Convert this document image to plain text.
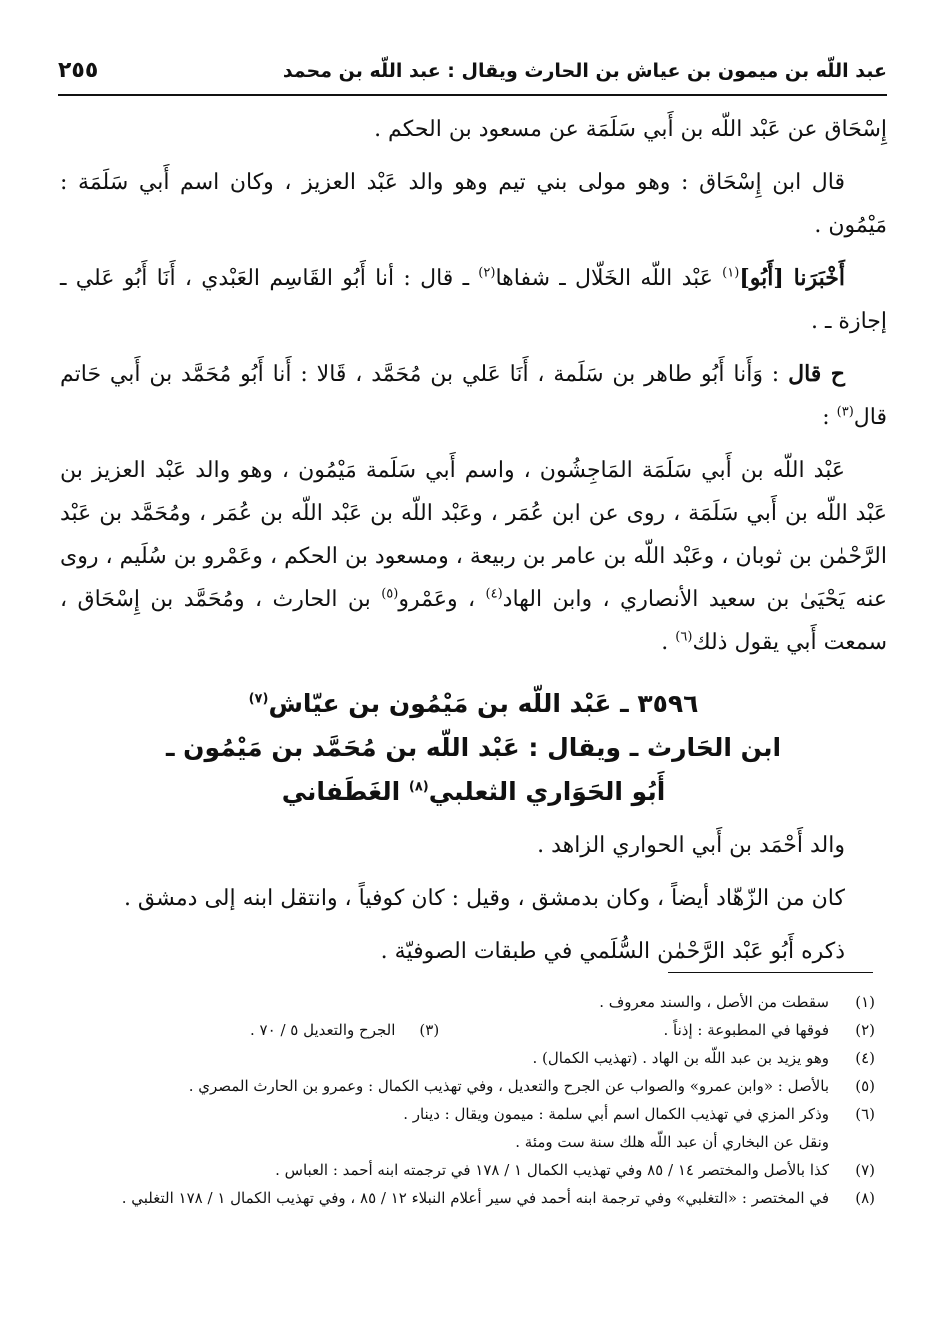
عبد اللّه بن ميمون بن عياش بن الحارث ويقال : عبد اللّه بن محمد
٢٥٥

إِسْحَاق عن عَبْد اللّه بن أَبي سَلَمَة عن مسعود بن الحكم .

قال ابن إِسْحَاق : وهو مولى بني تيم وهو والد عَبْد العزيز ، وكان اسم أَبي سَلَمَة : مَيْمُون .

أَخْبَرَنا [أَبُو]$^{(١)}$ عَبْد اللّه الخَلّال ـ شفاها$^{(٢)}$ ـ قال : أنا أَبُو القَاسِم العَبْدي ، أَنَا أَبُو عَلي ـ إجازة ـ .

ح قال : وَأَنا أَبُو طاهر بن سَلَمة ، أَنَا عَلي بن مُحَمَّد ، قَالا : أَنا أَبُو مُحَمَّد بن أَبي حَاتم قال$^{(٣)}$ :

عَبْد اللّه بن أَبي سَلَمَة المَاجِشُون ، واسم أَبي سَلَمة مَيْمُون ، وهو والد عَبْد العزيز بن عَبْد اللّه بن أَبي سَلَمَة ، روى عن ابن عُمَر ، وعَبْد اللّه بن عَبْد اللّه بن عُمَر ، ومُحَمَّد بن عَبْد الرَّحْمٰن بن ثوبان ، وعَبْد اللّه بن عامر بن ربيعة ، ومسعود بن الحكم ، وعَمْرو بن سُلَيم ، روى عنه يَحْيَىٰ بن سعيد الأنصاري ، وابن الهاد$^{(٤)}$ ، وعَمْرو$^{(٥)}$ بن الحارث ، ومُحَمَّد بن إِسْحَاق ، سمعت أَبي يقول ذلك$^{(٦)}$ .

٣٥٩٦ ـ عَبْد اللّه بن مَيْمُون بن عيّاش$^{(٧)}$
ابن الحَارث ـ ويقال : عَبْد اللّه بن مُحَمَّد بن مَيْمُون ـ
أَبُو الحَوَاري الثعلبي$^{(٨)}$ الغَطَفاني

والد أَحْمَد بن أَبي الحواري الزاهد .

كان من الزّهّاد أيضاً ، وكان بدمشق ، وقيل : كان كوفياً ، وانتقل ابنه إلى دمشق .

ذكره أَبُو عَبْد الرَّحْمٰن السُّلَمي في طبقات الصوفيّة .

(١)
سقطت من الأصل ، والسند معروف .
(٢)
فوقها في المطبوعة : إذناً .
(٣)الجرح والتعديل ٥ / ٧٠ .
(٤)
وهو يزيد بن عبد اللّه بن الهاد . (تهذيب الكمال) .
(٥)
بالأصل : «وابن عمرو» والصواب عن الجرح والتعديل ، وفي تهذيب الكمال : وعمرو بن الحارث المصري .
(٦)
وذكر المزي في تهذيب الكمال اسم أبي سلمة : ميمون ويقال : دينار .
ونقل عن البخاري أن عبد اللّه هلك سنة ست ومئة .
(٧)
كذا بالأصل والمختصر ١٤ / ٨٥ وفي تهذيب الكمال ١ / ١٧٨ في ترجمته ابنه أحمد : العباس .
(٨)
في المختصر : «التغلبي» وفي ترجمة ابنه أحمد في سير أعلام النبلاء ١٢ / ٨٥ ، وفي تهذيب الكمال ١ / ١٧٨ التغلبي .
